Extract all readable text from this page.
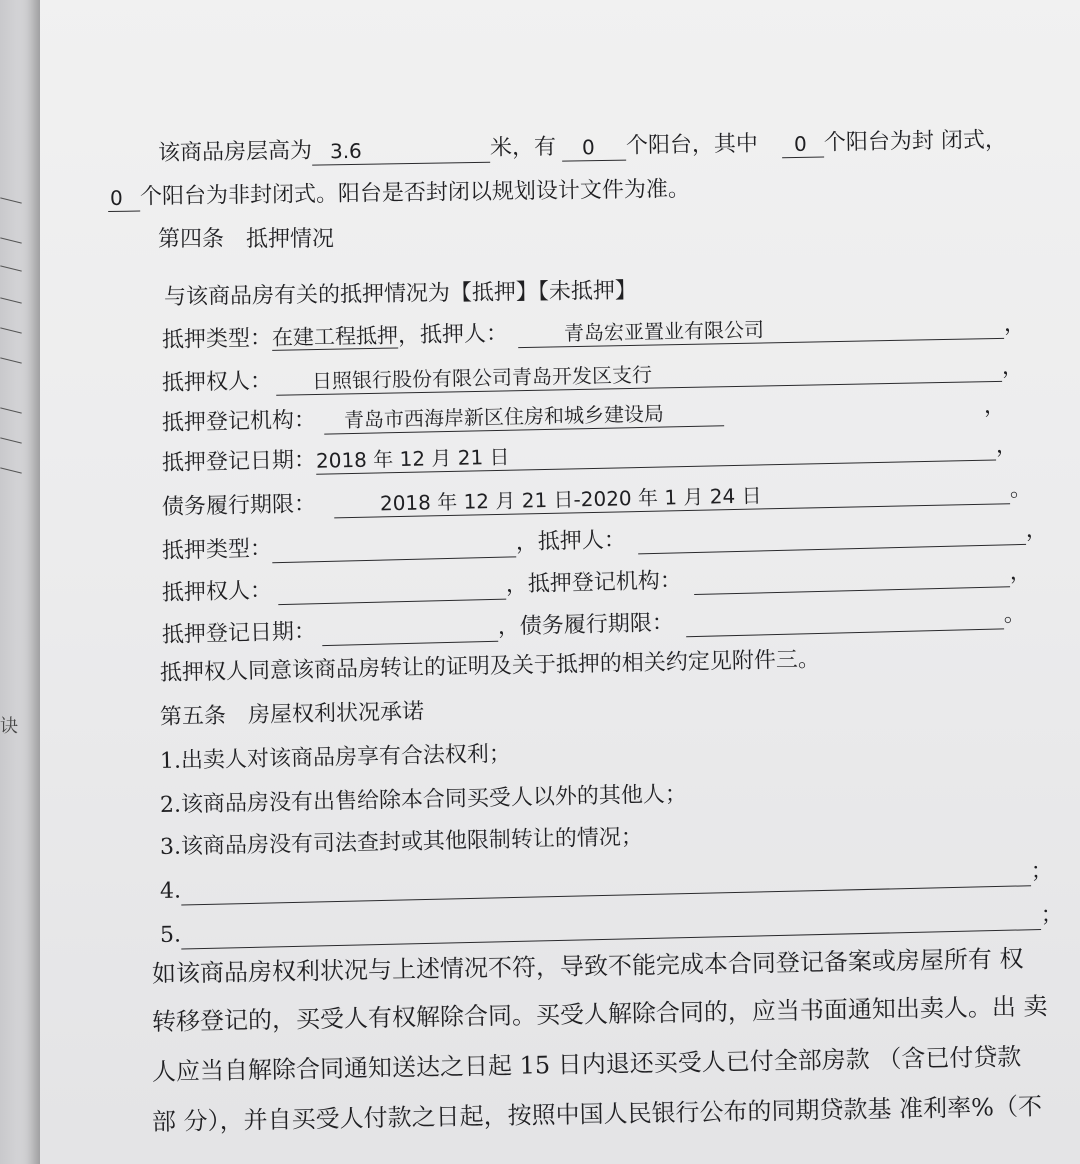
诀
该商品房层高为 3.6	米，有 0 个阳台，其中 0 个阳台为封 闭式，
0 个阳台为非封闭式。阳台是否封闭以规划设计文件为准。
第四条　抵押情况
与该商品房有关的抵押情况为【抵押】【未抵押】
抵押类型：在建工程抵押，抵押人：	青岛宏亚置业有限公司	，
抵押权人： 日照银行股份有限公司青岛开发区支行	，
抵押登记机构： 青岛市西海岸新区住房和城乡建设局	，
抵押登记日期：2018 年 12 月 21 日	，
债务履行期限：	2018 年 12 月 21 日-2020 年 1 月 24 日	。
抵押类型：	，抵押人：	，
抵押权人：	，抵押登记机构：	，
抵押登记日期：	，债务履行期限：	。
抵押权人同意该商品房转让的证明及关于抵押的相关约定见附件三。
第五条　房屋权利状况承诺
1.出卖人对该商品房享有合法权利；
2.该商品房没有出售给除本合同买受人以外的其他人；
3.该商品房没有司法查封或其他限制转让的情况；
4.；
5.；
如该商品房权利状况与上述情况不符，导致不能完成本合同登记备案或房屋所有 权
转移登记的，买受人有权解除合同。买受人解除合同的，应当书面通知出卖人。出 卖
人应当自解除合同通知送达之日起 15 日内退还买受人已付全部房款 （含已付贷款
部 分），并自买受人付款之日起，按照中国人民银行公布的同期贷款基 准利率%（不
